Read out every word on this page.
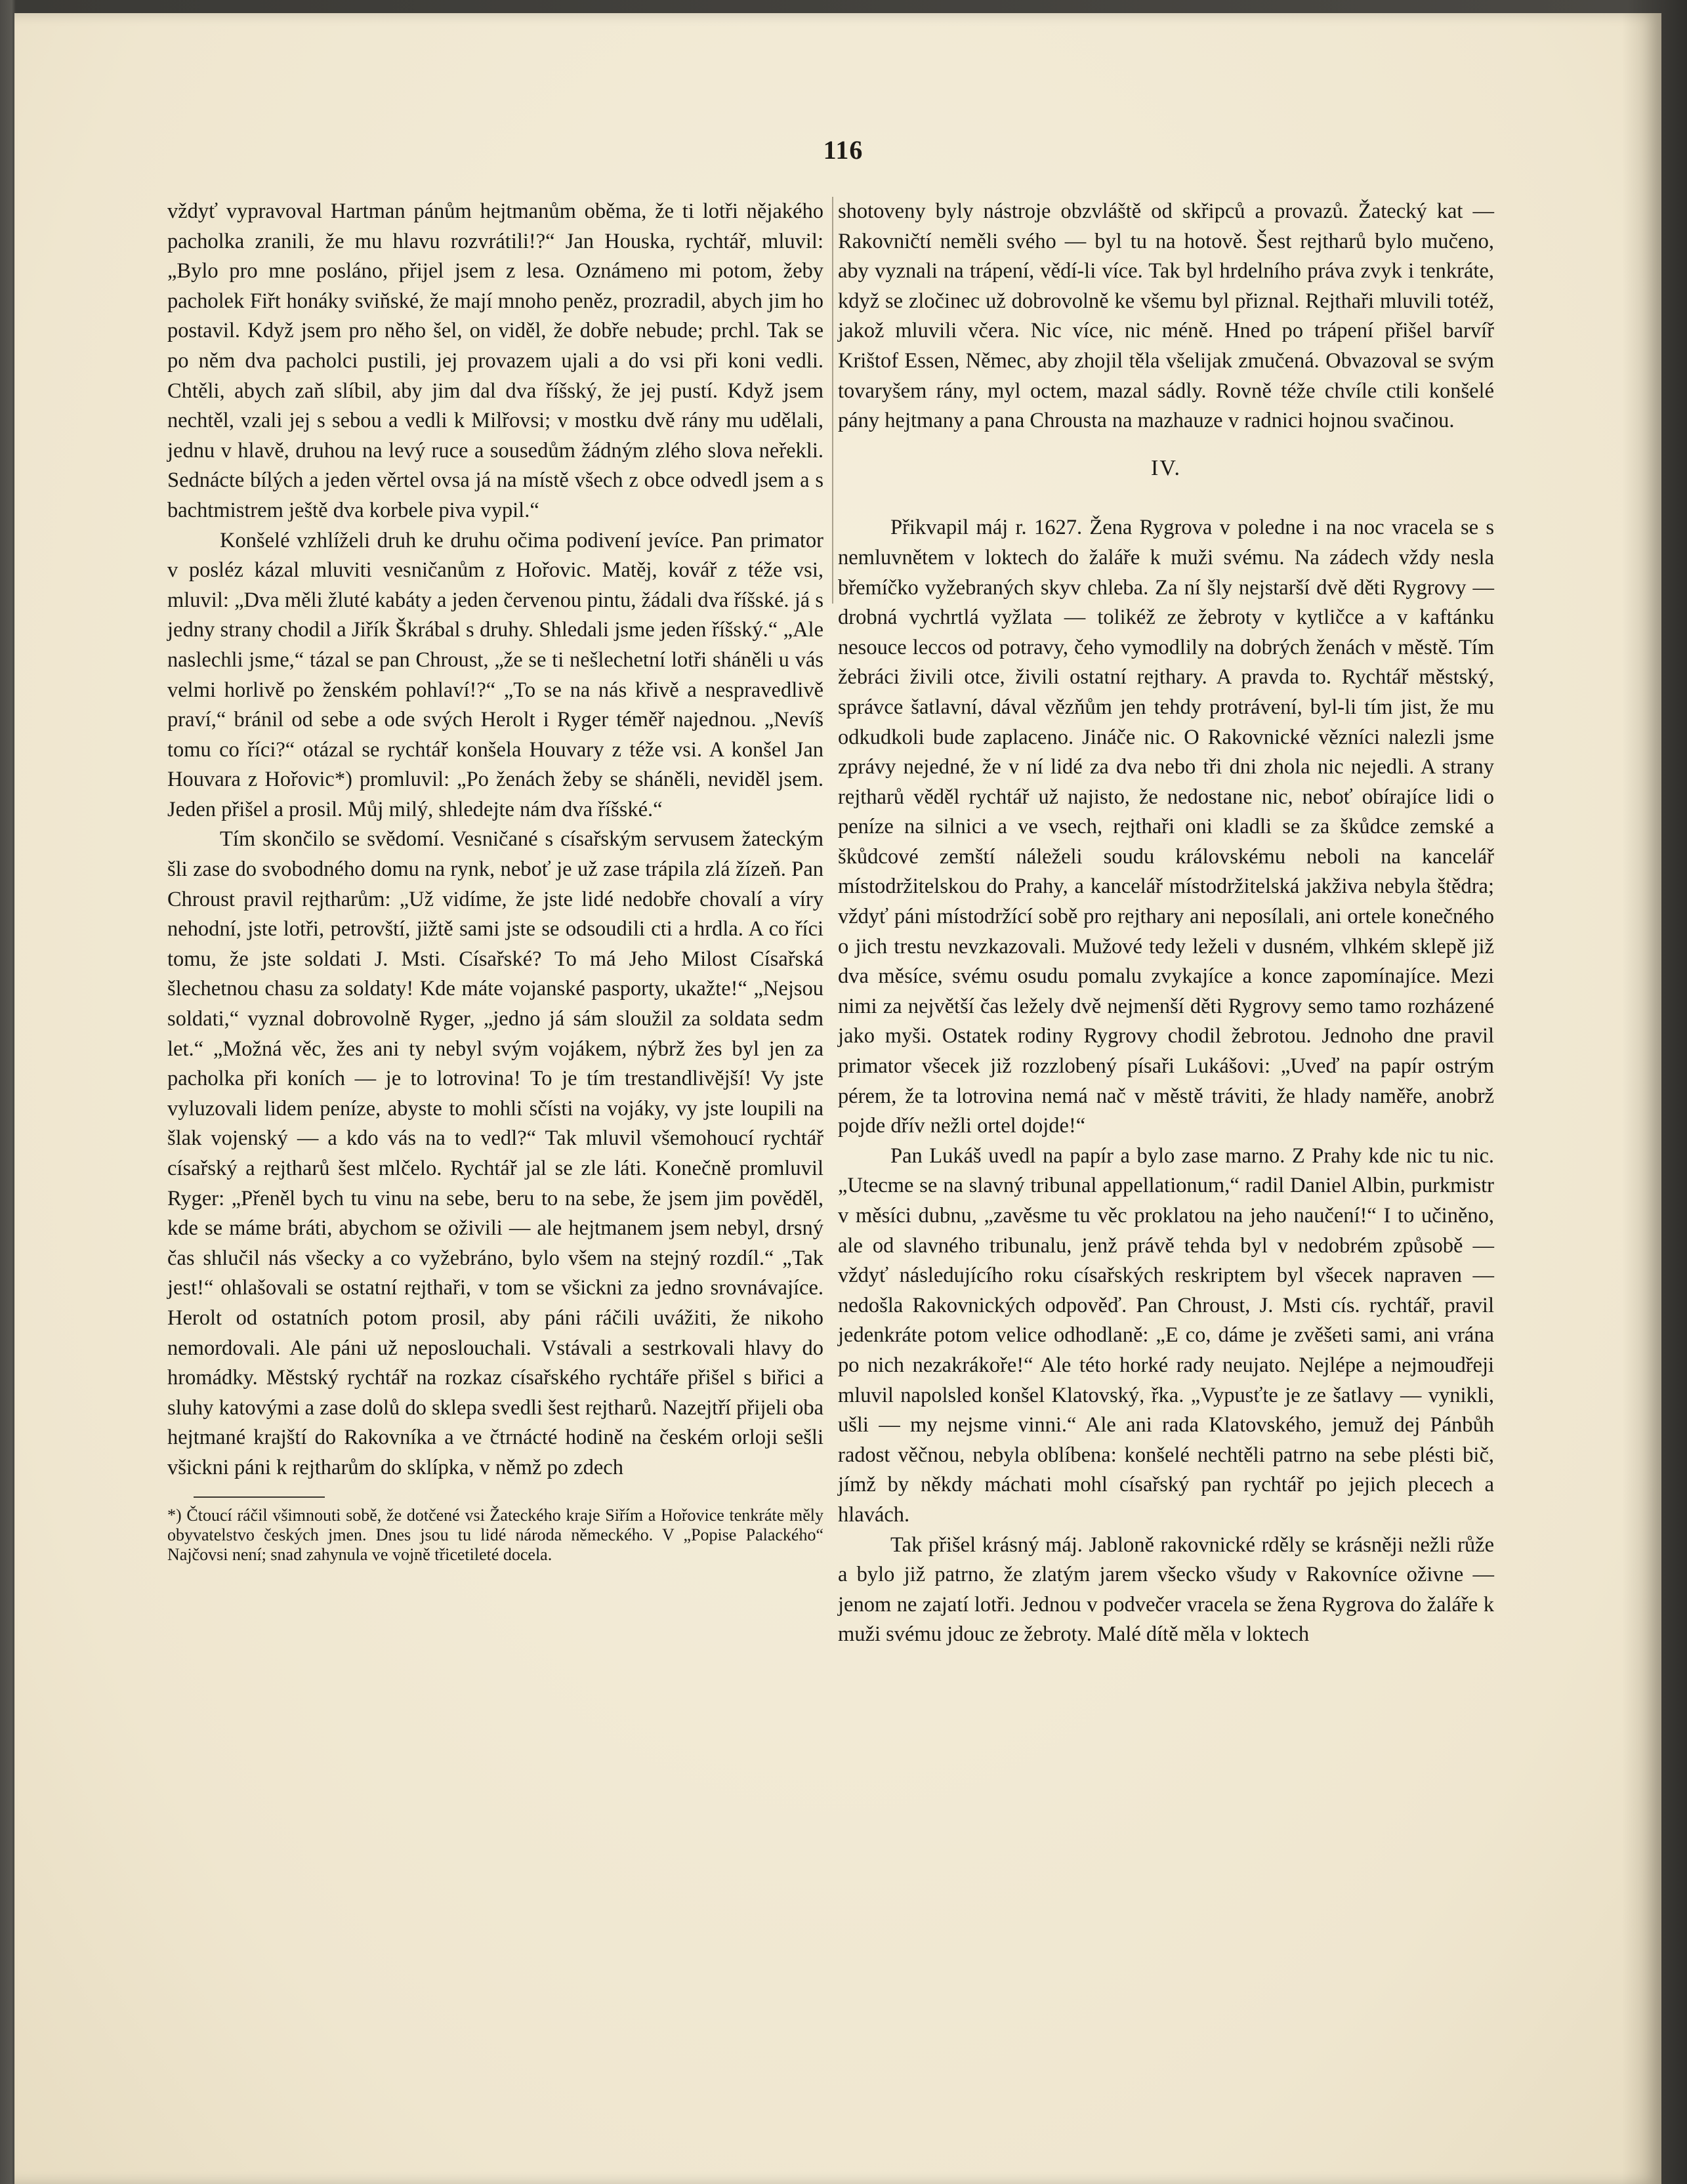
116

vždyť vypravoval Hartman pánům hejtmanům oběma, že ti lotři nějakého pacholka zranili, že mu hlavu rozvrátili!?“ Jan Houska, rychtář, mluvil: „Bylo pro mne posláno, přijel jsem z lesa. Oznámeno mi potom, žeby pacholek Fiřt honáky sviňské, že mají mnoho peněz, prozradil, abych jim ho postavil. Když jsem pro něho šel, on viděl, že dobře nebude; prchl. Tak se po něm dva pacholci pustili, jej provazem ujali a do vsi při koni vedli. Chtěli, abych zaň slíbil, aby jim dal dva říšský, že jej pustí. Když jsem nechtěl, vzali jej s sebou a vedli k Milřovsi; v mostku dvě rány mu udělali, jednu v hlavě, druhou na levý ruce a sousedům žádným zlého slova neřekli. Sednácte bílých a jeden věrtel ovsa já na místě všech z obce odvedl jsem a s bachtmistrem ještě dva korbele piva vypil.“

Konšelé vzhlíželi druh ke druhu očima podivení jevíce. Pan primator v posléz kázal mluviti vesničanům z Hořovic. Matěj, kovář z téže vsi, mluvil: „Dva měli žluté kabáty a jeden červenou pintu, žádali dva říšské. já s jedny strany chodil a Jiřík Škrábal s druhy. Shledali jsme jeden říšský.“ „Ale naslechli jsme,“ tázal se pan Chroust, „že se ti nešlechetní lotři sháněli u vás velmi horlivě po ženském pohlaví!?“ „To se na nás křivě a nespravedlivě praví,“ bránil od sebe a ode svých Herolt i Ryger téměř najednou. „Nevíš tomu co říci?“ otázal se rychtář konšela Houvary z téže vsi. A konšel Jan Houvara z Hořovic*) promluvil: „Po ženách žeby se sháněli, neviděl jsem. Jeden přišel a prosil. Můj milý, shledejte nám dva říšské.“

Tím skončilo se svědomí. Vesničané s císařským servusem žateckým šli zase do svobodného domu na rynk, neboť je už zase trápila zlá žízeň. Pan Chroust pravil rejtharům: „Už vidíme, že jste lidé nedobře chovalí a víry nehodní, jste lotři, petrovští, jižtě sami jste se odsoudili cti a hrdla. A co říci tomu, že jste soldati J. Msti. Císařské? To má Jeho Milost Císařská šlechetnou chasu za soldaty! Kde máte vojanské pasporty, ukažte!“ „Nejsou soldati,“ vyznal dobrovolně Ryger, „jedno já sám sloužil za soldata sedm let.“ „Možná věc, žes ani ty nebyl svým vojákem, nýbrž žes byl jen za pacholka při koních — je to lotrovina! To je tím trestandlivější! Vy jste vyluzovali lidem peníze, abyste to mohli sčísti na vojáky, vy jste loupili na šlak vojenský — a kdo vás na to vedl?“ Tak mluvil všemohoucí rychtář císařský a rejtharů šest mlčelo. Rychtář jal se zle láti. Konečně promluvil Ryger: „Přeněl bych tu vinu na sebe, beru to na sebe, že jsem jim pověděl, kde se máme bráti, abychom se oživili — ale hejtmanem jsem nebyl, drsný čas shlučil nás všecky a co vyžebráno, bylo všem na stejný rozdíl.“ „Tak jest!“ ohlašovali se ostatní rejthaři, v tom se všickni za jedno srovnávajíce. Herolt od ostatních potom prosil, aby páni ráčili uvážiti, že nikoho nemordovali. Ale páni už neposlouchali. Vstávali a sestrkovali hlavy do hromádky. Městský rychtář na rozkaz císařského rychtáře přišel s biřici a sluhy katovými a zase dolů do sklepa svedli šest rejtharů. Nazejtří přijeli oba hejtmané krajští do Rakovníka a ve čtrnácté hodině na českém orloji sešli všickni páni k rejtharům do sklípka, v němž po zdech

*) Čtoucí ráčil všimnouti sobě, že dotčené vsi Žateckého kraje Siřím a Hořovice tenkráte měly obyvatelstvo českých jmen. Dnes jsou tu lidé národa německého. V „Popise Palackého“ Najčovsi není; snad zahynula ve vojně třicetileté docela.

shotoveny byly nástroje obzvláště od skřipců a provazů. Žatecký kat — Rakovničtí neměli svého — byl tu na hotově. Šest rejtharů bylo mučeno, aby vyznali na trápení, vědí-li více. Tak byl hrdelního práva zvyk i tenkráte, když se zločinec už dobrovolně ke všemu byl přiznal. Rejthaři mluvili totéž, jakož mluvili včera. Nic více, nic méně. Hned po trápení přišel barvíř Krištof Essen, Němec, aby zhojil těla všelijak zmučená. Obvazoval se svým tovaryšem rány, myl octem, mazal sádly. Rovně téže chvíle ctili konšelé pány hejtmany a pana Chrousta na mazhauze v radnici hojnou svačinou.

IV.

Přikvapil máj r. 1627. Žena Rygrova v poledne i na noc vracela se s nemluvnětem v loktech do žaláře k muži svému. Na zádech vždy nesla břemíčko vyžebraných skyv chleba. Za ní šly nejstarší dvě děti Rygrovy — drobná vychrtlá vyžlata — tolikéž ze žebroty v kytličce a v kaftánku nesouce leccos od potravy, čeho vymodlily na dobrých ženách v městě. Tím žebráci živili otce, živili ostatní rejthary. A pravda to. Rychtář městský, správce šatlavní, dával vězňům jen tehdy protrávení, byl-li tím jist, že mu odkudkoli bude zaplaceno. Jináče nic. O Rakovnické vězníci nalezli jsme zprávy nejedné, že v ní lidé za dva nebo tři dni zhola nic nejedli. A strany rejtharů věděl rychtář už najisto, že nedostane nic, neboť obírajíce lidi o peníze na silnici a ve vsech, rejthaři oni kladli se za škůdce zemské a škůdcové zemští náleželi soudu královskému neboli na kancelář místodržitelskou do Prahy, a kancelář místodržitelská jakživa nebyla štědra; vždyť páni místodržící sobě pro rejthary ani neposílali, ani ortele konečného o jich trestu nevzkazovali. Mužové tedy leželi v dusném, vlhkém sklepě již dva měsíce, svému osudu pomalu zvykajíce a konce zapomínajíce. Mezi nimi za největší čas ležely dvě nejmenší děti Rygrovy semo tamo rozházené jako myši. Ostatek rodiny Rygrovy chodil žebrotou. Jednoho dne pravil primator všecek již rozzlobený písaři Lukášovi: „Uveď na papír ostrým pérem, že ta lotrovina nemá nač v městě tráviti, že hlady naměře, anobrž pojde dřív nežli ortel dojde!“

Pan Lukáš uvedl na papír a bylo zase marno. Z Prahy kde nic tu nic. „Utecme se na slavný tribunal appellationum,“ radil Daniel Albin, purkmistr v měsíci dubnu, „zavěsme tu věc proklatou na jeho naučení!“ I to učiněno, ale od slavného tribunalu, jenž právě tehda byl v nedobrém způsobě — vždyť následujícího roku císařských reskriptem byl všecek napraven — nedošla Rakovnických odpověď. Pan Chroust, J. Msti cís. rychtář, pravil jedenkráte potom velice odhodlaně: „E co, dáme je zvěšeti sami, ani vrána po nich nezakrákoře!“ Ale této horké rady neujato. Nejlépe a nejmoudřeji mluvil napolsled konšel Klatovský, řka. „Vypusťte je ze šatlavy — vynikli, ušli — my nejsme vinni.“ Ale ani rada Klatovského, jemuž dej Pánbůh radost věčnou, nebyla oblíbena: konšelé nechtěli patrno na sebe plésti bič, jímž by někdy máchati mohl císařský pan rychtář po jejich plecech a hlavách.

Tak přišel krásný máj. Jabloně rakovnické rděly se krásněji nežli růže a bylo již patrno, že zlatým jarem všecko všudy v Rakovníce oživne — jenom ne zajatí lotři. Jednou v podvečer vracela se žena Rygrova do žaláře k muži svému jdouc ze žebroty. Malé dítě měla v loktech
